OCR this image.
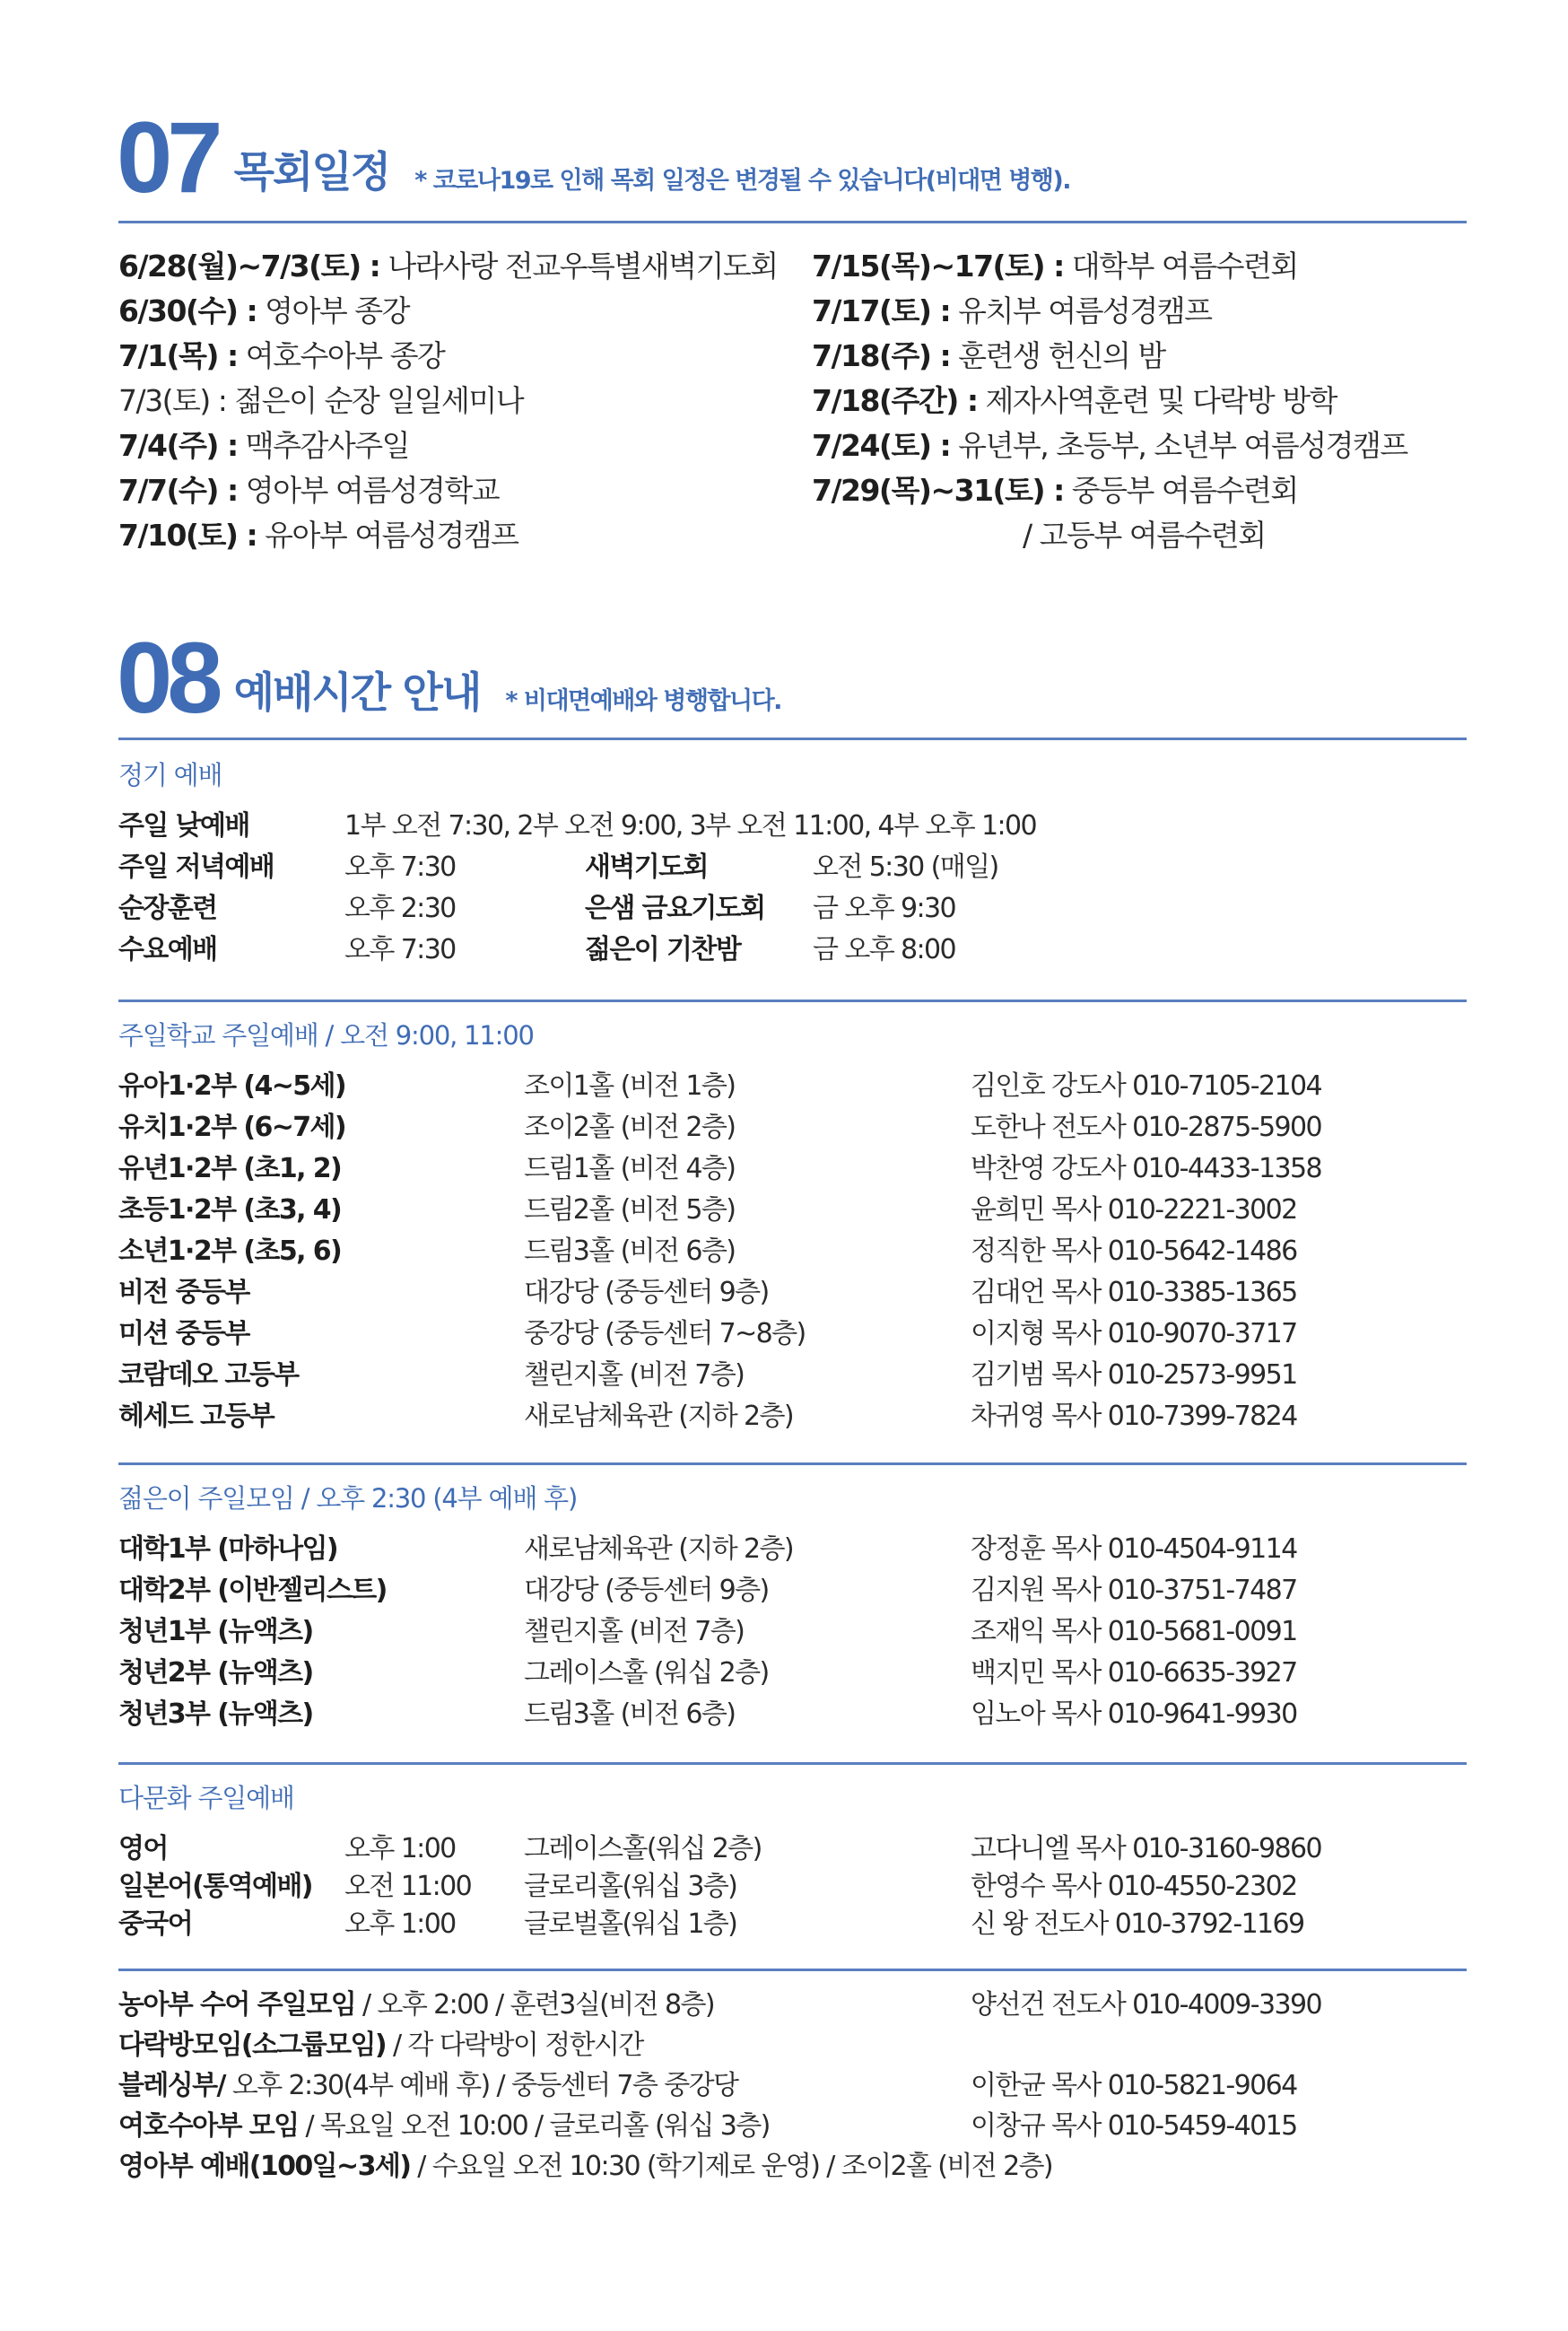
07 목회일정 * 코로나19로 인해 목회 일정은 변경될 수 있습니다(비대면 병행).
6/28(월)~7/3(토) : 나라사랑 전교우특별새벽기도회
6/30(수) : 영아부 종강
7/1(목) : 여호수아부 종강
7/3(토) : 젊은이 순장 일일세미나
7/4(주) : 맥추감사주일
7/7(수) : 영아부 여름성경학교
7/10(토) : 유아부 여름성경캠프
7/15(목)~17(토) : 대학부 여름수련회
7/17(토) : 유치부 여름성경캠프
7/18(주) : 훈련생 헌신의 밤
7/18(주간) : 제자사역훈련 및 다락방 방학
7/24(토) : 유년부, 초등부, 소년부 여름성경캠프
7/29(목)~31(토) : 중등부 여름수련회
/ 고등부 여름수련회
08 예배시간 안내 * 비대면예배와 병행합니다.
정기 예배
주일 낮예배	1부 오전 7:30, 2부 오전 9:00, 3부 오전 11:00, 4부 오후 1:00
주일 저녁예배	오후 7:30	새벽기도회	오전 5:30 (매일)
순장훈련	오후 2:30	은샘 금요기도회 금 오후 9:30
수요예배	오후 7:30	젊은이 기찬밤	금 오후 8:00
주일학교 주일예배 / 오전 9:00, 11:00
유아1·2부 (4~5세)	조이1홀 (비전 1층)	김인호 강도사 010-7105-2104
유치1·2부 (6~7세)	조이2홀 (비전 2층)	도한나 전도사 010-2875-5900
유년1·2부 (초1, 2)	드림1홀 (비전 4층)	박찬영 강도사 010-4433-1358
초등1·2부 (초3, 4)	드림2홀 (비전 5층)	윤희민 목사 010-2221-3002
소년1·2부 (초5, 6)	드림3홀 (비전 6층)	정직한 목사 010-5642-1486
비전 중등부	대강당 (중등센터 9층)	김대언 목사 010-3385-1365
미션 중등부	중강당 (중등센터 7~8층)	이지형 목사 010-9070-3717
코람데오 고등부	챌린지홀 (비전 7층)	김기범 목사 010-2573-9951
헤세드 고등부	새로남체육관 (지하 2층)	차귀영 목사 010-7399-7824
젊은이 주일모임 / 오후 2:30 (4부 예배 후)
대학1부 (마하나임)	새로남체육관 (지하 2층)	장정훈 목사 010-4504-9114
대학2부 (이반젤리스트)	대강당 (중등센터 9층)	김지원 목사 010-3751-7487
청년1부 (뉴액츠)	챌린지홀 (비전 7층)	조재익 목사 010-5681-0091
청년2부 (뉴액츠)	그레이스홀 (워십 2층)	백지민 목사 010-6635-3927
청년3부 (뉴액츠)	드림3홀 (비전 6층)	임노아 목사 010-9641-9930
다문화 주일예배
영어	오후 1:00	그레이스홀(워십 2층)	고다니엘 목사 010-3160-9860
일본어(통역예배) 오전 11:00 글로리홀(워십 3층)	한영수 목사 010-4550-2302
중국어	오후 1:00	글로벌홀(워십 1층)	신 왕 전도사 010-3792-1169
농아부 수어 주일모임 / 오후 2:00 / 훈련3실(비전 8층)	양선건 전도사 010-4009-3390
다락방모임(소그룹모임) / 각 다락방이 정한시간
블레싱부/ 오후 2:30(4부 예배 후) / 중등센터 7층 중강당	이한균 목사 010-5821-9064
여호수아부 모임 / 목요일 오전 10:00 / 글로리홀 (워십 3층)	이창규 목사 010-5459-4015
영아부 예배(100일~3세) / 수요일 오전 10:30 (학기제로 운영) / 조이2홀 (비전 2층)
